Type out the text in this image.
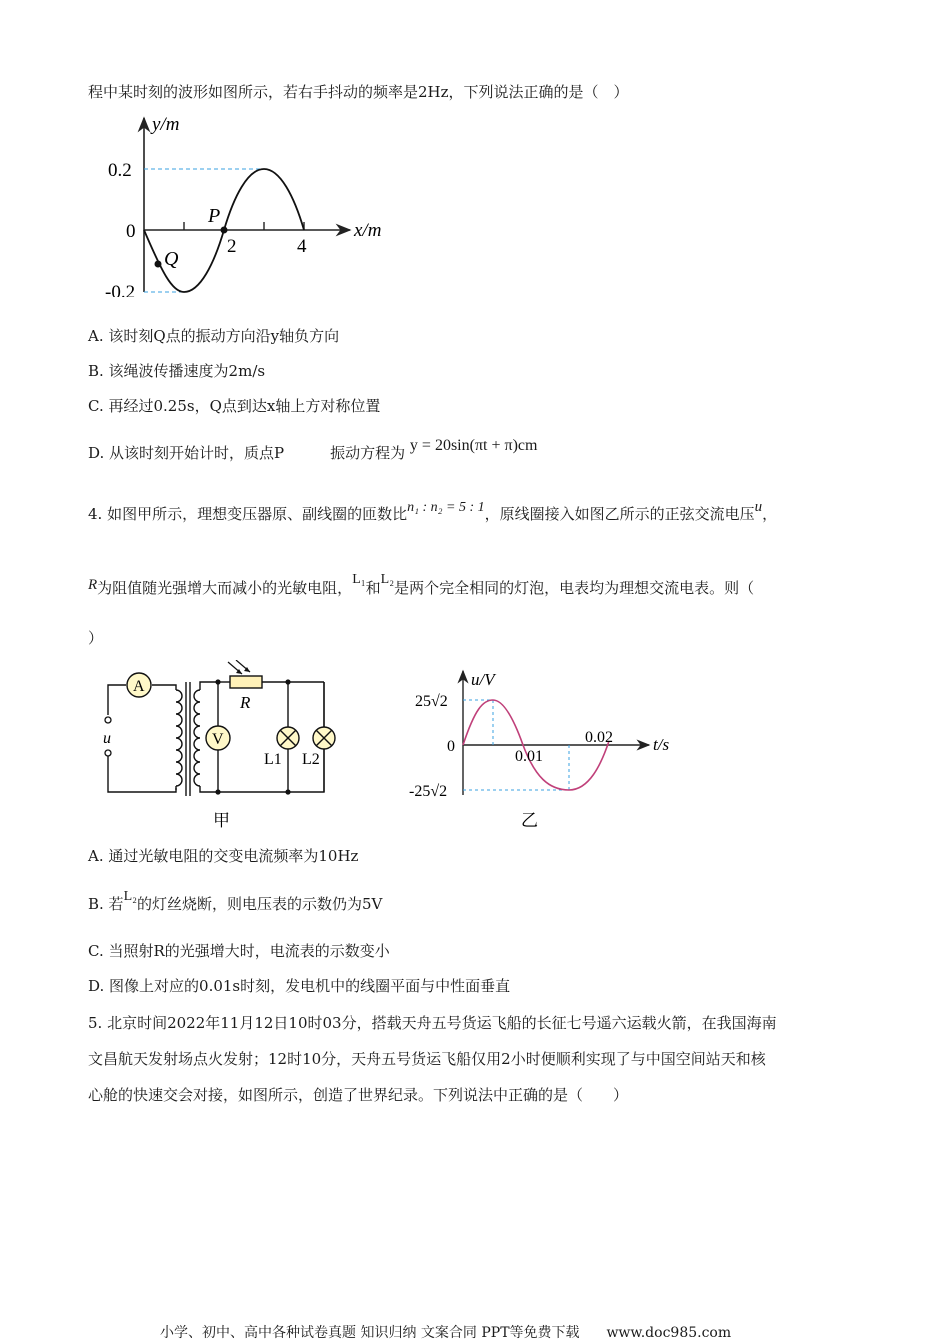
程中某时刻的波形如图所示，若右手抖动的频率是2Hz，下列说法正确的是（　）
y/m
x/m
0.2
0
-0.2
2	4
P
Q
A. 该时刻Q点的振动方向沿y轴负方向
B. 该绳波传播速度为2m/s
C. 再经过0.25s，Q点到达x轴上方对称位置
D. 从该时刻开始计时，质点P	振动方程为 y = 20sin(πt + π)cm
4. 如图甲所示，理想变压器原、副线圈的匝数比n₁ : n₂ = 5 : 1，原线圈接入如图乙所示的正弦交流电压u，
R为阻值随光强增大而减小的光敏电阻，L₁和L₂是两个完全相同的灯泡，电表均为理想交流电表。则（
）
A
R
V
u
L1 L2
甲
u/V
t/s
25√2
0
-25√2
0.01
0.02
乙
A. 通过光敏电阻的交变电流频率为10Hz
B. 若L₂的灯丝烧断，则电压表的示数仍为5V
C. 当照射R的光强增大时，电流表的示数变小
D. 图像上对应的0.01s时刻，发电机中的线圈平面与中性面垂直
5. 北京时间2022年11月12日10时03分，搭载天舟五号货运飞船的长征七号遥六运载火箭，在我国海南
文昌航天发射场点火发射；12时10分，天舟五号货运飞船仅用2小时便顺利实现了与中国空间站天和核
心舱的快速交会对接，如图所示，创造了世界纪录。下列说法中正确的是（　　）
小学、初中、高中各种试卷真题 知识归纳 文案合同 PPT等免费下载 www.doc985.com
